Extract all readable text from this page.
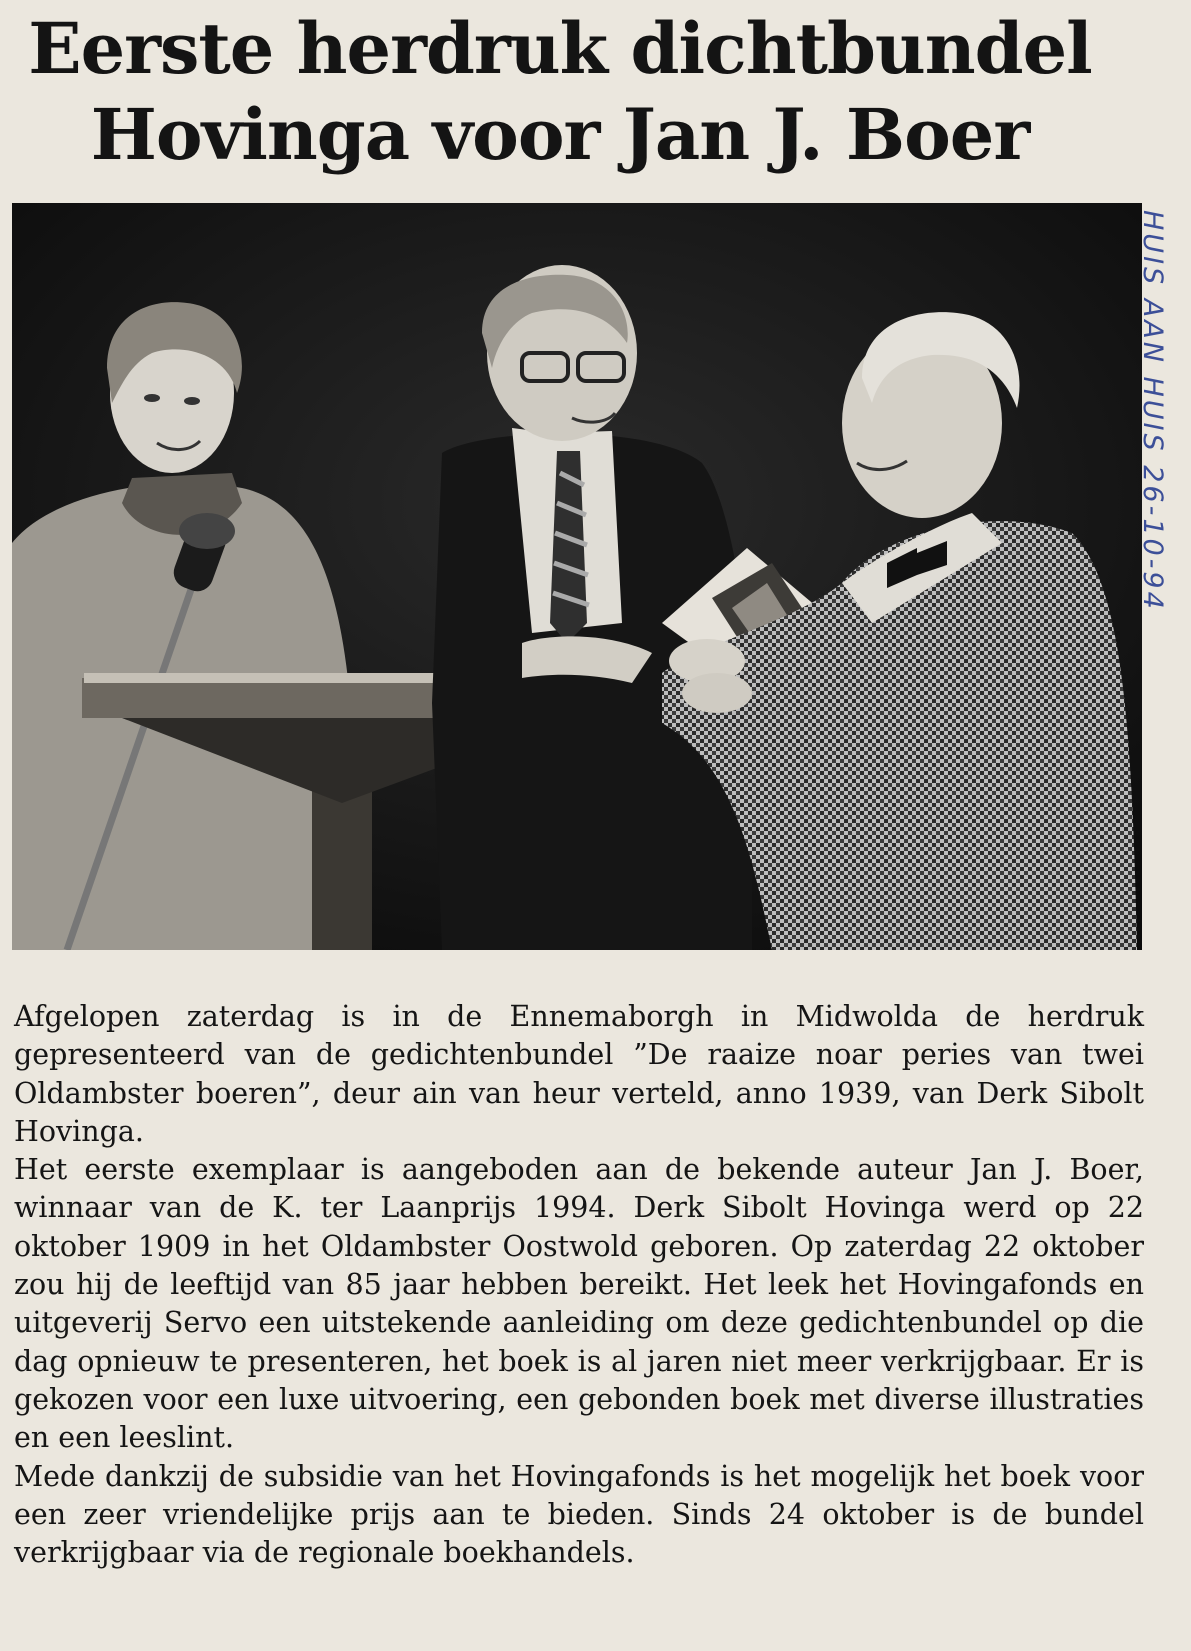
Eerste herdruk dichtbundel
Hovinga voor Jan J. Boer
HUIS AAN HUIS 26-10-94

Afgelopen zaterdag is in de Ennemaborgh in Midwolda de herdruk gepresenteerd van de gedichtenbundel ”De raaize noar peries van twei Oldambster boeren”, deur ain van heur verteld, anno 1939, van Derk Sibolt Hovinga.

Het eerste exemplaar is aangeboden aan de bekende auteur Jan J. Boer, winnaar van de K. ter Laanprijs 1994. Derk Sibolt Hovinga werd op 22 oktober 1909 in het Oldambster Oostwold geboren. Op zaterdag 22 oktober zou hij de leeftijd van 85 jaar hebben bereikt. Het leek het Hovingafonds en uitgeverij Servo een uitstekende aanleiding om deze gedichtenbundel op die dag opnieuw te presenteren, het boek is al jaren niet meer verkrijgbaar. Er is gekozen voor een luxe uitvoering, een gebonden boek met diverse illustraties en een leeslint.

Mede dankzij de subsidie van het Hovingafonds is het mogelijk het boek voor een zeer vriendelijke prijs aan te bieden. Sinds 24 oktober is de bundel verkrijgbaar via de regionale boekhandels.
